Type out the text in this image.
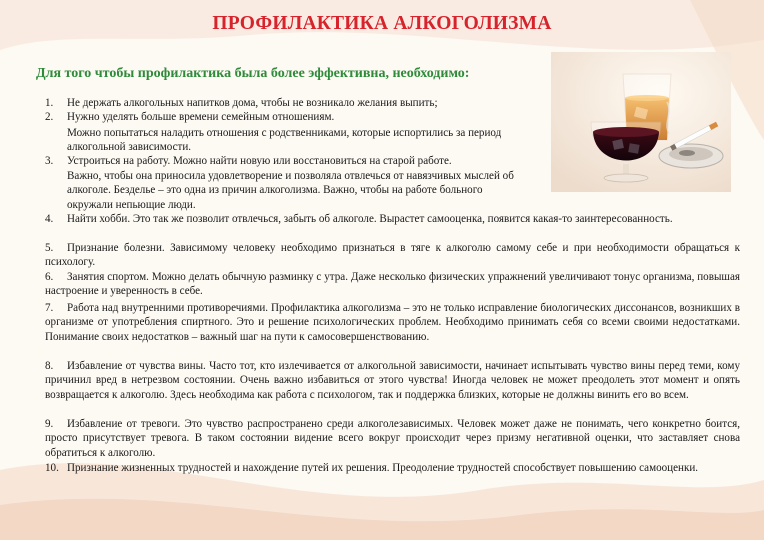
ПРОФИЛАКТИКА АЛКОГОЛИЗМА

Для того чтобы профилактика была более эффективна, необходимо:

1.	Не держать алкогольных напитков дома, чтобы не возникало желания выпить;
2.	Нужно уделять больше времени семейным отношениям.
Можно попытаться наладить отношения с родственниками, которые испортились за период алкогольной зависимости.
3.	Устроиться на работу. Можно найти новую или восстановиться на старой работе.
Важно, чтобы она приносила удовлетворение и позволяла отвлечься от навязчивых мыслей об алкоголе. Безделье – это одна из причин алкоголизма. Важно, чтобы на работе больного окружали непьющие люди.
4.	Найти хобби. Это так же позволит отвлечься, забыть об алкоголе. Вырастет самооценка, появится какая-то заинтересованность.
5.	Признание болезни. Зависимому человеку необходимо признаться в тяге к алкоголю самому себе и при необходимости обращаться к психологу.
6.	Занятия спортом. Можно делать обычную разминку с утра. Даже несколько физических упражнений увеличивают тонус организма, повышая настроение и уверенность в себе.
7.	Работа над внутренними противоречиями. Профилактика алкоголизма – это не только исправление биологических диссонансов, возникших в организме от употребления спиртного. Это и решение психологических проблем. Необходимо принимать себя со всеми своими недостатками. Понимание своих недостатков – важный шаг на пути к самосовершенствованию.
8.	Избавление от чувства вины. Часто тот, кто излечивается от алкогольной зависимости, начинает испытывать чувство вины перед теми, кому причинил вред в нетрезвом состоянии. Очень важно избавиться от этого чувства! Иногда человек не может преодолеть этот момент и опять возвращается к алкоголю. Здесь необходима как работа с психологом, так и поддержка близких, которые не должны винить его во всем.
9.	Избавление от тревоги. Это чувство распространено среди алкоголезависимых. Человек может даже не понимать, чего конкретно боится, просто присутствует тревога. В таком состоянии видение всего вокруг происходит через призму негативной оценки, что заставляет снова обратиться к алкоголю.
10. Признание жизненных трудностей и нахождение путей их решения. Преодоление трудностей способствует повышению самооценки.
